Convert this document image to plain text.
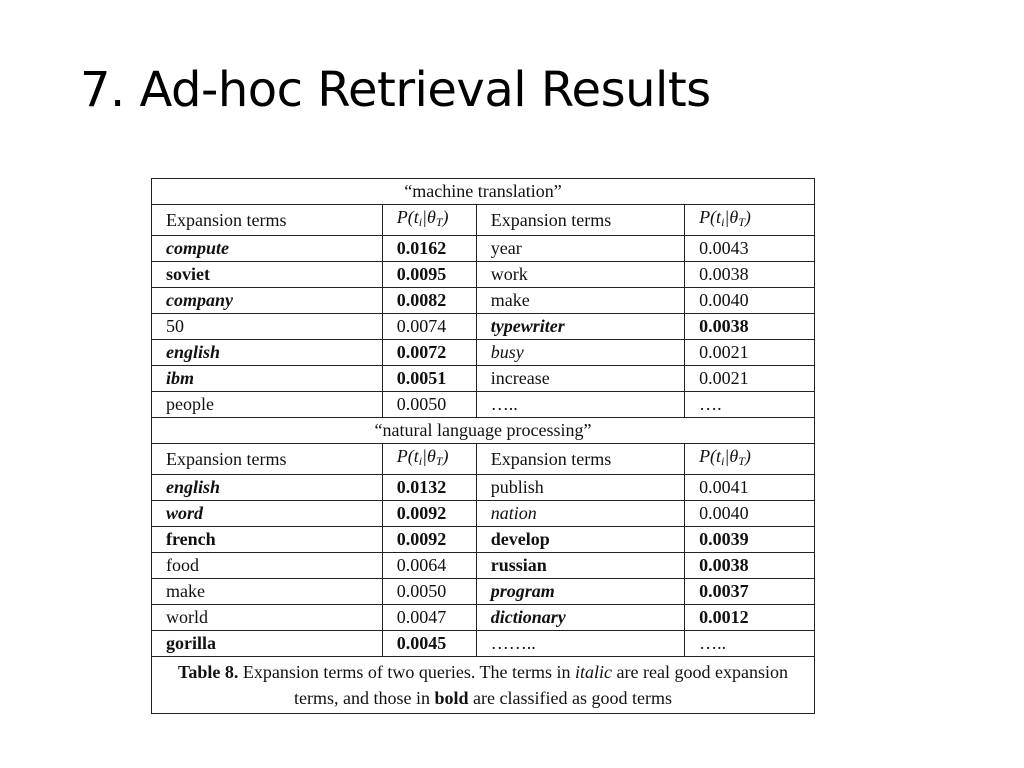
7. Ad-hoc Retrieval Results
“machine translation”			
Expansion terms	$P(t_i|\theta_T)$	Expansion terms	$P(t_i|\theta_T)$
compute	0.0162	year	0.0043
soviet	0.0095	work	0.0038
company	0.0082	make	0.0040
50	0.0074	typewriter	0.0038
english	0.0072	busy	0.0021
ibm	0.0051	increase	0.0021
people	0.0050	…..	….
“natural language processing”			
Expansion terms	$P(t_i|\theta_T)$	Expansion terms	$P(t_i|\theta_T)$
english	0.0132	publish	0.0041
word	0.0092	nation	0.0040
french	0.0092	develop	0.0039
food	0.0064	russian	0.0038
make	0.0050	program	0.0037
world	0.0047	dictionary	0.0012
gorilla	0.0045	……..	…..
Table 8. Expansion terms of two queries. The terms in italic are real good expansion terms, and those in bold are classified as good terms			
